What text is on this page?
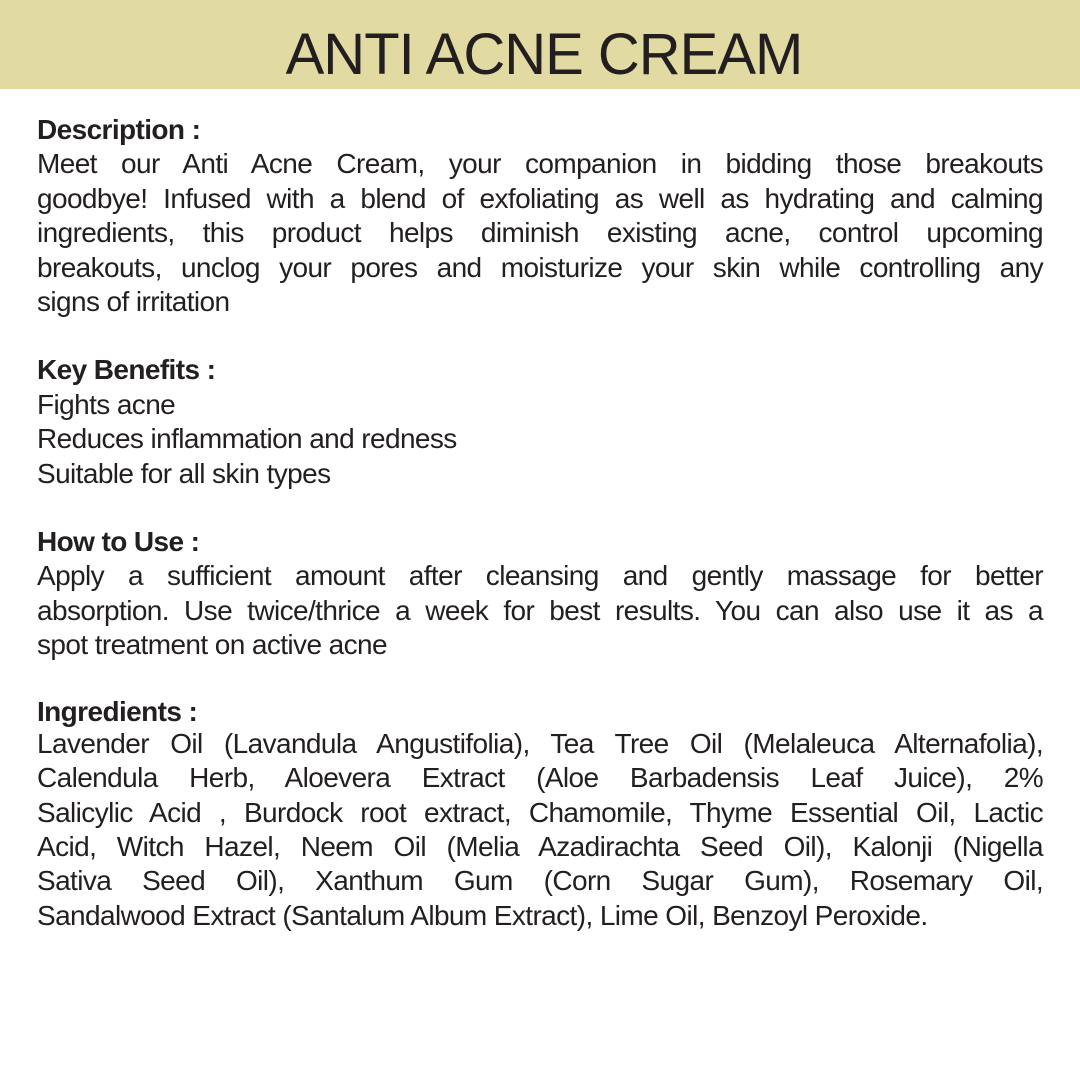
ANTI ACNE CREAM

Description :

Meet our Anti Acne Cream, your companion in bidding those breakouts
goodbye! Infused with a blend of exfoliating as well as hydrating and calming
ingredients, this product helps diminish existing acne, control upcoming
breakouts, unclog your pores and moisturize your skin while controlling any
signs of irritation

Key Benefits :

Fights acne
Reduces inflammation and redness
Suitable for all skin types

How to Use :

Apply a sufficient amount after cleansing and gently massage for better
absorption. Use twice/thrice a week for best results. You can also use it as a
spot treatment on active acne

Ingredients :

Lavender Oil (Lavandula Angustifolia), Tea Tree Oil (Melaleuca Alternafolia),
Calendula Herb, Aloevera Extract (Aloe Barbadensis Leaf Juice), 2%
Salicylic Acid , Burdock root extract, Chamomile, Thyme Essential Oil, Lactic
Acid, Witch Hazel, Neem Oil (Melia Azadirachta Seed Oil), Kalonji (Nigella
Sativa Seed Oil), Xanthum Gum (Corn Sugar Gum), Rosemary Oil,
Sandalwood Extract (Santalum Album Extract), Lime Oil, Benzoyl Peroxide.
